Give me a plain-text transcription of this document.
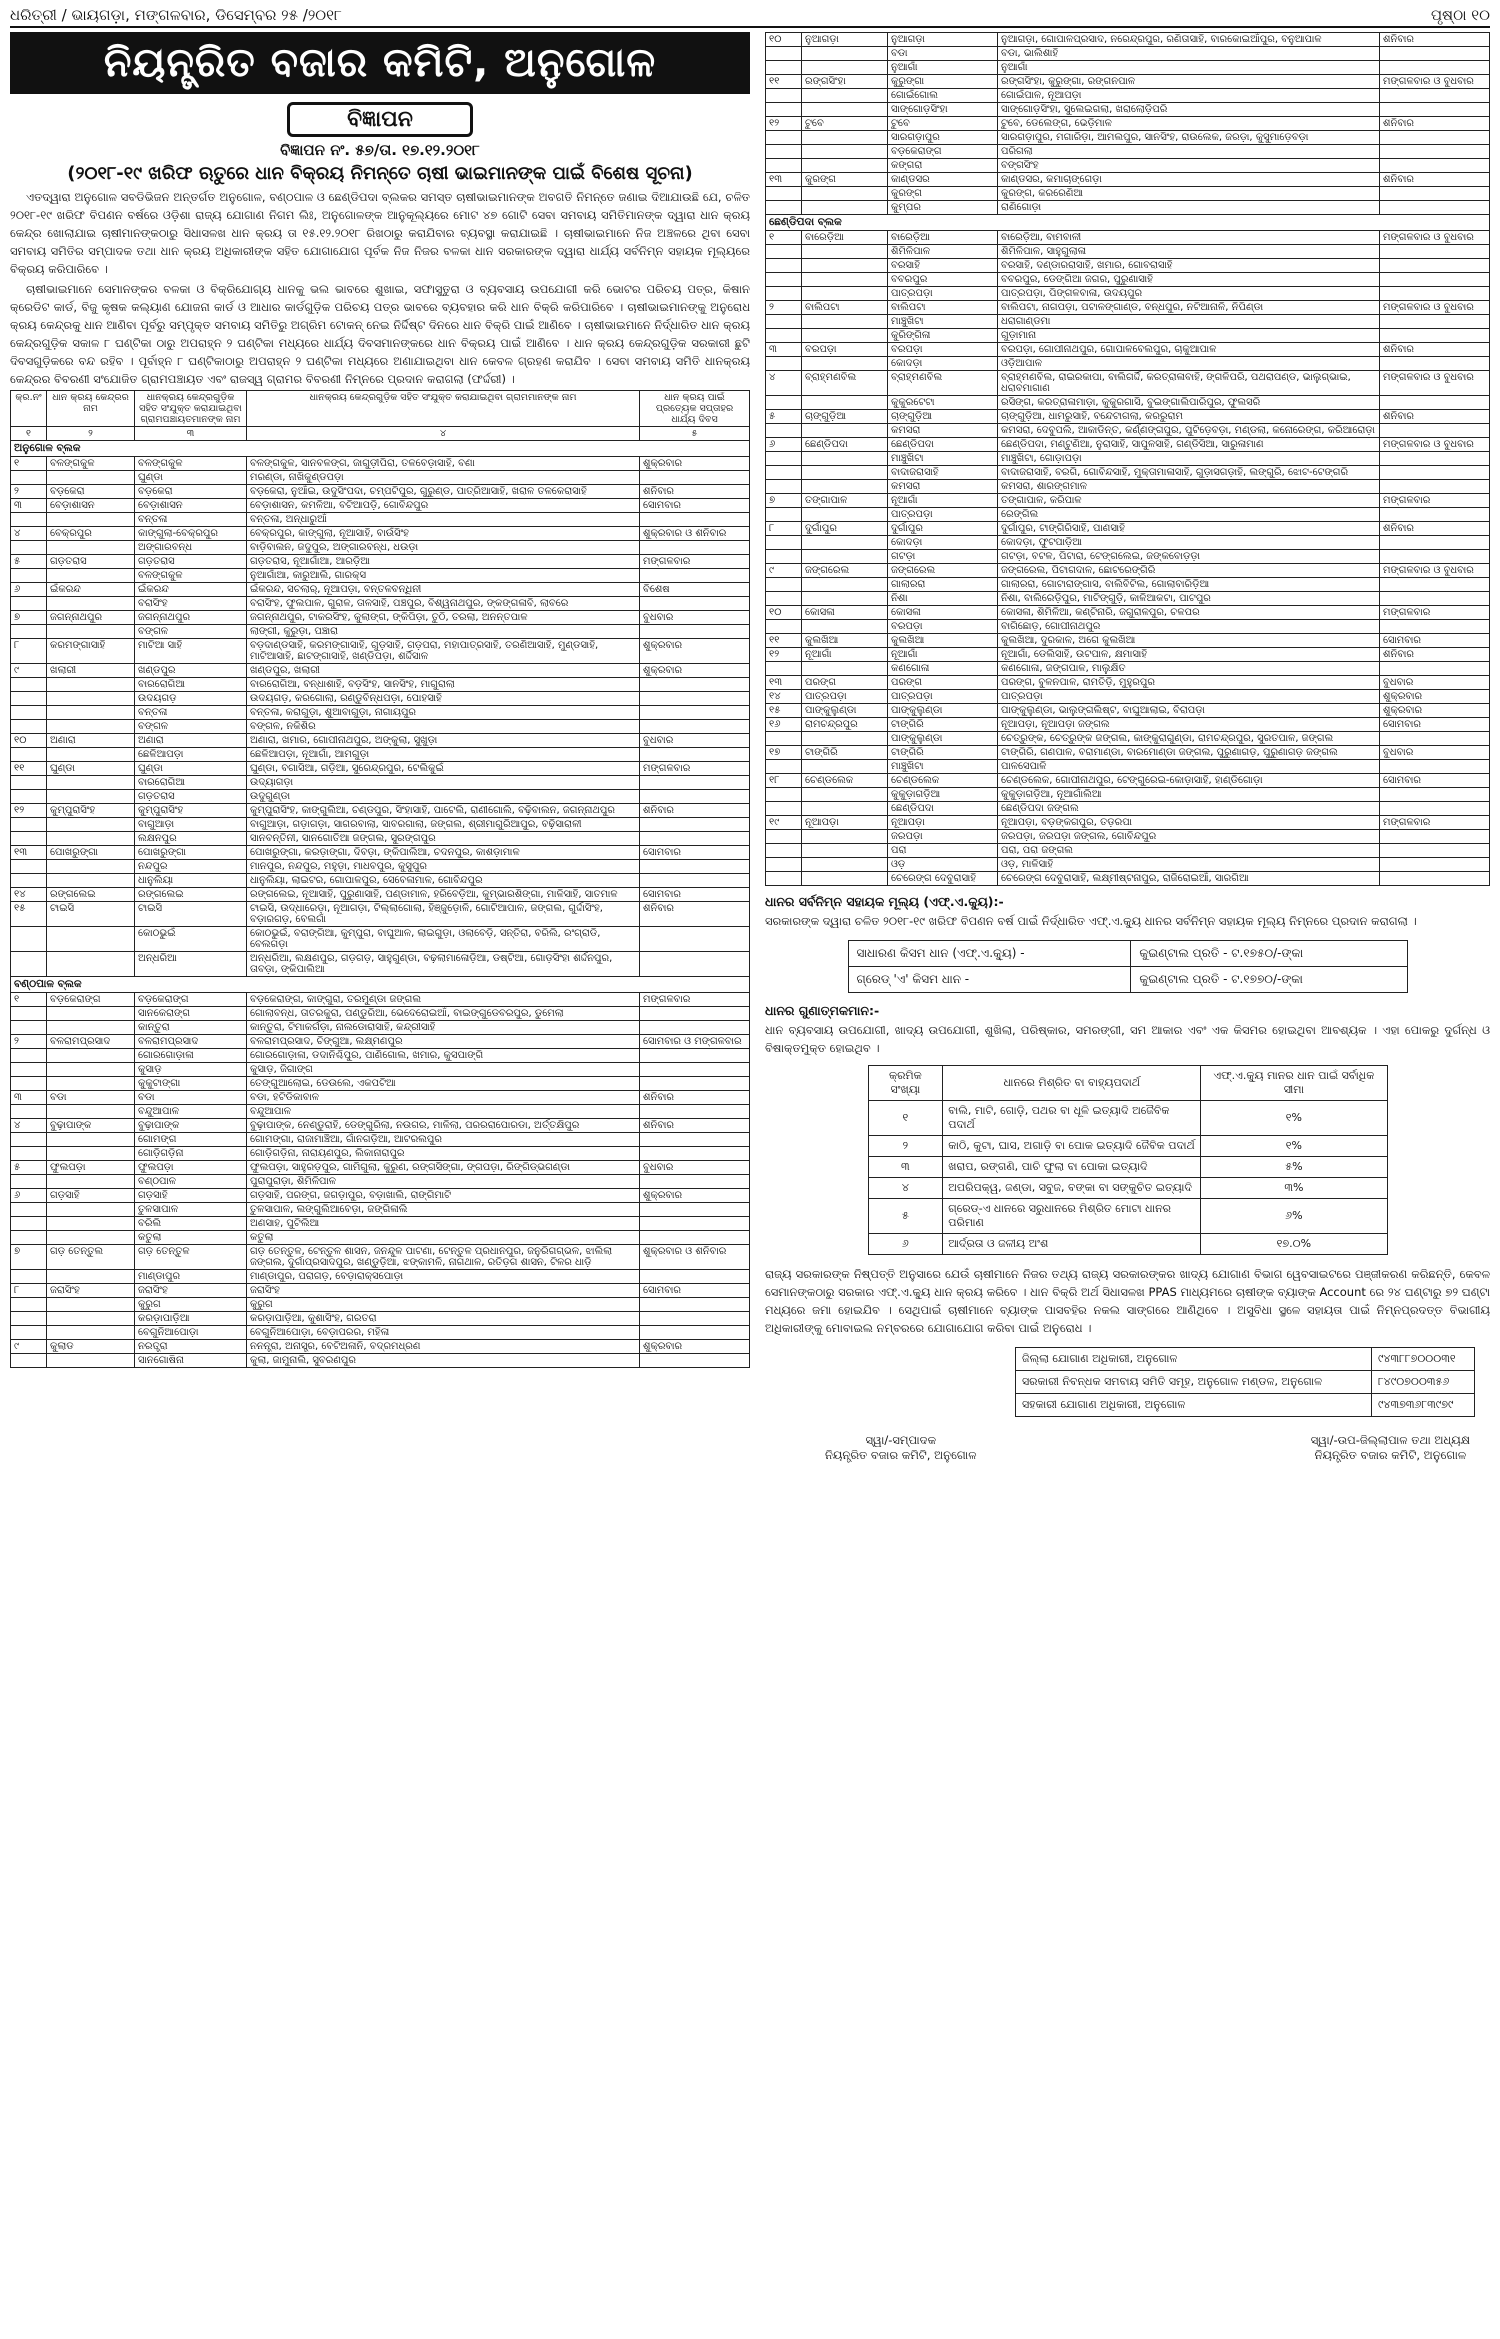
ଧରିତ୍ରୀ / ଭାୟଗଡ଼ା, ମଙ୍ଗଳବାର, ଡିସେମ୍ବର ୨୫ /୨୦୧୮	ପୃଷ୍ଠା ୧୦
ନିୟନ୍ତ୍ରିତ ବଜାର କମିଟି, ଅନୁଗୋଳ
ବିଜ୍ଞାପନ
ବିଜ୍ଞାପନ ନଂ. ୫୭/ତା. ୧୭.୧୨.୨୦୧୮
(୨୦୧୮-୧୯ ଖରିଫ ଋତୁରେ ଧାନ ବିକ୍ରୟ ନିମନ୍ତେ ଚାଷୀ ଭାଇମାନଙ୍କ ପାଇଁ ବିଶେଷ ସୂଚନା)

ଏତଦ୍ୱାରା ଅନୁଗୋଳ ସବଡିଭିଜନ ଅନ୍ତର୍ଗତ ଅନୁଗୋଳ, ବଣ୍ଠପାଳ ଓ ଛେଣ୍ଡିପଦା ବ୍ଲକର ସମସ୍ତ ଚାଷୀଭାଇମାନଙ୍କ ଅବଗତି ନିମନ୍ତେ ଜଣାଇ ଦିଆଯାଉଛି ଯେ, ଚଳିତ ୨୦୧୮-୧୯ ଖରିଫ ବିପଣନ ବର୍ଷରେ ଓଡ଼ିଶା ରାଜ୍ୟ ଯୋଗାଣ ନିଗମ ଲିଃ, ଅନୁଗୋଳଙ୍କ ଆନୁକୂଲ୍ୟରେ ମୋଟ ୪୭ ଗୋଟି ସେବା ସମବାୟ ସମିତିମାନଙ୍କ ଦ୍ୱାରା ଧାନ କ୍ରୟ କେନ୍ଦ୍ର ଖୋଲାଯାଇ ଚାଷୀମାନଙ୍କଠାରୁ ସିଧାସଳଖ ଧାନ କ୍ରୟ ତା ୧୫.୧୨.୨୦୧୮ ରିଖଠାରୁ କରାଯିବାର ବ୍ୟବସ୍ଥା କରାଯାଇଛି । ଚାଷୀଭାଇମାନେ ନିଜ ଅଞ୍ଚଳରେ ଥିବା ସେବା ସମବାୟ ସମିତିର ସମ୍ପାଦକ ତଥା ଧାନ କ୍ରୟ ଅଧିକାରୀଙ୍କ ସହିତ ଯୋଗାଯୋଗ ପୂର୍ବକ ନିଜ ନିଜର ବଳକା ଧାନ ସରକାରଙ୍କ ଦ୍ୱାରା ଧାର୍ଯ୍ୟ ସର୍ବନିମ୍ନ ସହାୟକ ମୂଲ୍ୟରେ ବିକ୍ରୟ କରିପାରିବେ ।

ଚାଷୀଭାଇମାନେ ସେମାନଙ୍କର ବଳକା ଓ ବିକ୍ରିଯୋଗ୍ୟ ଧାନକୁ ଭଲ ଭାବରେ ଶୁଖାଇ, ସଫାସୁତୁରା ଓ ବ୍ୟବସାୟ ଉପଯୋଗୀ କରି ଭୋଟର ପରିଚୟ ପତ୍ର, କିଷାନ କ୍ରେଡିଟ କାର୍ଡ, ବିଜୁ କୃଷକ କଲ୍ୟାଣ ଯୋଜନା କାର୍ଡ ଓ ଆଧାର କାର୍ଡଗୁଡ଼ିକ ପରିଚୟ ପତ୍ର ଭାବରେ ବ୍ୟବହାର କରି ଧାନ ବିକ୍ରି କରିପାରିବେ । ଚାଷୀଭାଇମାନଙ୍କୁ ଅନୁରୋଧ କ୍ରୟ କେନ୍ଦ୍ରକୁ ଧାନ ଆଣିବା ପୂର୍ବରୁ ସମ୍ପୃକ୍ତ ସମବାୟ ସମିତିରୁ ଅଗ୍ରିମ ଟୋକନ୍ ନେଇ ନିର୍ଦ୍ଦିଷ୍ଟ ଦିନରେ ଧାନ ବିକ୍ରି ପାଇଁ ଆଣିବେ । ଚାଷୀଭାଇମାନେ ନିର୍ଦ୍ଧାରିତ ଧାନ କ୍ରୟ କେନ୍ଦ୍ରଗୁଡ଼ିକ ସକାଳ ୮ ଘଣ୍ଟିକା ଠାରୁ ଅପରାହ୍ନ ୨ ଘଣ୍ଟିକା ମଧ୍ୟରେ ଧାର୍ଯ୍ୟ ଦିବସମାନଙ୍କରେ ଧାନ ବିକ୍ରୟ ପାଇଁ ଆଣିବେ । ଧାନ କ୍ରୟ କେନ୍ଦ୍ରଗୁଡ଼ିକ ସରକାରୀ ଛୁଟି ଦିବସଗୁଡ଼ିକରେ ବନ୍ଦ ରହିବ । ପୂର୍ବାହ୍ନ ୮ ଘଣ୍ଟିକାଠାରୁ ଅପରାହ୍ନ ୨ ଘଣ୍ଟିକା ମଧ୍ୟରେ ଅଣାଯାଇଥିବା ଧାନ କେବଳ ଗ୍ରହଣ କରାଯିବ । ସେବା ସମବାୟ ସମିତି ଧାନକ୍ରୟ କେନ୍ଦ୍ରର ବିବରଣୀ ସଂଯୋଜିତ ଗ୍ରାମପଞ୍ଚାୟତ ଏବଂ ରାଜସ୍ୱ ଗ୍ରାମର ବିବରଣୀ ନିମ୍ନରେ ପ୍ରଦାନ କରାଗଲା (ଫର୍ଦ୍ଦରୀ) ।

କ୍ର.ନଂ	ଧାନ କ୍ରୟ କେନ୍ଦ୍ରର ନାମ	ଧାନକ୍ରୟ କେନ୍ଦ୍ରଗୁଡ଼ିକ ସହିତ ସଂଯୁକ୍ତ କରାଯାଇଥିବା ଗ୍ରାମପଞ୍ଚାୟତମାନଙ୍କ ନାମ	ଧାନକ୍ରୟ କେନ୍ଦ୍ରଗୁଡ଼ିକ ସହିତ ସଂଯୁକ୍ତ କରାଯାଇଥିବା ଗ୍ରାମମାନଙ୍କ ନାମ	ଧାନ କ୍ରୟ ପାଇଁ ପ୍ରତ୍ୟେକ ସପ୍ତାହର ଧାର୍ଯ୍ୟ ଦିବସ
୧	୨	୩	୪	୫
ଅନୁଗୋଳ ବ୍ଲକ				
୧	ବଳଙ୍ଗକୁଳ	ବଳଙ୍ଗକୁଳ	ବଳଙ୍ଗକୁଳ, ସାନବଳଙ୍ଗ, ଜାଗୁଡ଼ୀପିରା, ତଳବେଡ଼ାସାହି, ବଣା	ଶୁକ୍ରବାର
		ଘୁଣ୍ଡା	ମରଣ୍ଡା, ନାଖିକୁଣ୍ଡପଡ଼ା	
୨	ବଡ଼କେରା	ବଡ଼କେରା	ବଡ଼କେରା, ନୁଆଁଇ, ଉଦୁସିଂପଦା, ଚମ୍ପଟିପୁର, ଗୁରୁଣ୍ଡ, ପାତ୍ରିଆସାହି, ଖରାଳ ତଳକେରାସାହି	ଶନିବାର
୩	ବେଡ଼ାଶାସନ	ବେଡ଼ାଶାସନ	ବେଡ଼ାଶାସନ, କମଳିଆ, ବଟିଆପଡ଼ି, ଗୋବିନ୍ଦପୁର	ସୋମବାର
		ବନ୍ତଳା	ବନ୍ତଳା, ଅନ୍ଧାରୁଆଁ	
୪	ବେକ୍ରପୁର	କାଙ୍ଗୁଲା-ବେକ୍ରପୁର	ବେକ୍ରପୁର, କାଙ୍ଗୁଲା, ନୂଆସାହି, ବାଉଁସିଂହ	ଶୁକ୍ରବାର ଓ ଶନିବାର
		ଅଙ୍ଗାରବନ୍ଧ	ବାଡ଼ିବାଲନ, ଜଦୁପୁର, ଅଙ୍ଗାରବନ୍ଧ, ଧଉଡ଼ା	
୫	ଗଡ଼ତରାସ	ଗଡ଼ତରାସ	ଗଡ଼ତରାସ, ନୂଆଗାଁଆ, ଆରଡ଼ିଆ	ମଙ୍ଗଳବାର
		ବଳଙ୍ଗକୁଳ	ନୁଆଗାଁଆ, କାରୁଆଲି, ଗାରକ୍ସ	
୬	ଇଁକରନ୍ଦ	ଇଁକରନ୍ଦ	ଇଁକରନ୍ଦ, ସଚଲାର୍, ନୂଆପଡ଼ା, ବନ୍ତଳବନ୍ଧିନୀ	ବିଶେଷ
		ବରାସିଂହ	ବରାସିଂହ, ଫୁଲପାଳ, ଗୁରାଳ, ତାଳସାହି, ପଞ୍ଚପୁର, ବିଶ୍ୱନାଥପୁର, ଙ୍କଙ୍ଗଳାବି, ଲାବରେ	
୭	ଜଗନ୍ନାଥପୁର	ଜଗନ୍ନାଥପୁର	ଜଗନ୍ନାଥପୁର, ଟାକରସିଂହ, କୁଲାଙ୍ଗ, ଙ୍କିପିଡ଼ା, ତୁଠି, ତରଲା, ଅନନ୍ତପାଳ	ବୁଧବାର
		ବଙ୍ଗଳ	ଲାଙ୍ଗୀ, କୁରୁଡ଼ା, ପଞ୍ଚାରା	
୮	କରମଙ୍ଗାସାହି	ମାଟିଆ ସାହି	ବଡ଼ଦାଣ୍ଡସାହି, କରମଙ୍ଗାସାହି, ଗୁଡ଼ସାହି, ଗଡ଼ପରା, ମହାପାତ୍ରସାହି, ତରଣିଆସାହି, ମୁଣ୍ଡସାହି, ମାଟିଆସାହି, ଛାଟଙ୍ଗାସାହି, ଖଣ୍ଡିପଡ଼ା, ଶର୍ଦ୍ଦିସାଳ	ଶୁକ୍ରବାର
୯	ଖଲାରୀ	ଖଣ୍ଡପୁର	ଖଣ୍ଡପୁର, ଖଲାରୀ	ଶୁକ୍ରବାର
		ବାରରୋଗିଆ	ବାରରୋଗିଆ, ବନ୍ଧାଶାହି, ବଡ଼ସିଂହ, ସାନସିଂହ, ମାଗୁରାଲା	
		ଉଦୟଗଡ଼	ଉଦୟଗଡ଼, କରଗୋଲା, ରଣ୍ଡୁବିନ୍ଧପଡ଼ା, ପୋହସାହି	
		ବନ୍ତଳା	ବନ୍ତଳା, କରାଗୁଡ଼ା, ଶୁଆବାଗୁଡ଼ା, ନାଗାୟପୁର	
		ବଙ୍ଗଳ	ବଙ୍ଗଳ, ନକିଶିର	
୧୦	ଅଣାରା	ଅଣାରା	ଅଣାରା, ଖମାର, ଗୋପୀନାଥପୁର, ଅଙ୍କୁଲା, ସୁଖୁଡ଼ା	ବୁଧବାର
		ଛେଳିଆପଡ଼ା	ଛେଳିଆପଡ଼ା, ନୂଆଗାଁ, ଆମଗୁଡ଼ା	
୧୧	ଘୁଣ୍ଡା	ଘୁଣ୍ଡା	ଘୁଣ୍ଡା, ବଗାସିଆ, ଗଡ଼ିଆ, ସୁରେନ୍ଦ୍ରପୁର, ଟେଲିକୁଇଁ	ମଙ୍ଗଳବାର
		ବାରରୋଗିଆ	ଉଦ୍ୟାଗଡ଼ା	
		ଗଡ଼ତରାସ	ଉଦୁଗୁଣ୍ଡା	
୧୨	କୁମ୍ପୁରାସିଂହ	କୁମ୍ପୁରାସିଂହ	କୁମ୍ପୁରାସିଂହ, କାଙ୍ଗୁଲିଆ, ଚଣ୍ଡପୁର, ସିଂହାସାହି, ପାଟେଲି, ରାଣୀଗୋଲି, ବଢ଼ିବାଲନ, ଜଗନ୍ନାଥପୁର	ଶନିବାର
		ବାଗୁଆଡ଼ା	ବାଗୁଆଡ଼ା, ଗଡ଼ାଗଡ଼ା, ସାଗରବାଲା, ସାବରଗାଲା, ଜଙ୍ଗଲ, ଶ୍ରୀମାଗୁରିଆପୁର, ବଢ଼ିସାରାଳୀ	
		ଲକ୍ଷନପୁର	ସାନବନ୍ତିନୀ, ସାନଗୋତିଆ ଜଙ୍ଗଲ, ସୁରଙ୍ଗପୁର	
୧୩	ପୋଖରୁଙ୍ଗା	ପୋଖରୁଙ୍ଗା	ପୋଖରୁଙ୍ଗା, କରଡ଼ାଙ୍ଗା, ଦିବଡ଼ା, ଙ୍କିପାଲିଆ, ଚଦନପୁର, କାଶଡ଼ାମାଳ	ସୋମବାର
		ନନ୍ଦପୁର	ମାନପୁର, ନନ୍ଦପୁର, ମହୁଡ଼ା, ମାଧବପୁର, କୁସୁପୁର	
		ଧାନୁଲିୟା	ଧାନୁଲିୟା, ଲାଇଟର, ଗୋପାଳପୁର, ସେବେଳାମାଳ, ଗୋବିନ୍ଦପୁର	
୧୪	ରଙ୍ଗଲେଇ	ରଙ୍ଗଲେଇ	ରଙ୍ଗଲେଇ, ନୂଆସାହି, ପୁରୁଣାସାହି, ପଣ୍ଡାମାଳ, ହରିବେଡ଼ିଆ, କୁମ୍ଭାରଶିଙ୍ଗା, ମାଳିସାହି, ସାତମାଳ	ସୋମବାର
୧୫	ଟାଇସି	ଟାଇସି	ଟାଇସି, ଉଦ୍ଧାରେଡ଼ା, ନୂଆଗଡ଼ା, ଟିଲ୍ଲାଗୋଲା, ହିଞ୍ଜୁଡ଼ୋଳି, ଗୋଟିଆପାଳ, ଜଙ୍ଗଲ, ଗୁର୍ଦ୍ଦାସିଂହ, ବଡ଼ାରଗଡ଼, ବେଲଗାଁ	ଶନିବାର
		କୋଠଭୁଇଁ	କୋଠଭୁଇଁ, ବରାଙ୍ଗିଆ, କୁମ୍ପୁରା, ବାଘୁଆଳ, ଲାଇଗୁଡ଼ା, ଓଲାବେଡ଼ି, ସନ୍ତିରା, ବରିଲି, ରଂଗ୍ରାଡି, ବେଲଗଡ଼ା	
		ଅନ୍ଧରିଆ	ଅନ୍ଧରିଆ, ଲକ୍ଷଣପୁର, ଗଡ଼ଗଡ଼, ସାହୁଗୁଣ୍ଡା, ବଢ଼ଲାମାଳୋଡ଼ିଆ, ଡଷ୍ଟିଆ, ଗୋଡ଼ସିଂହା ଶର୍ଦ୍ଦନପୁର, ତାବଡ଼ା, ଙ୍କିପାଲିଆ	
ବଣ୍ଠପାଳ ବ୍ଲକ				
୧	ବଡ଼କେରାଙ୍ଗ	ବଡ଼କେରାଙ୍ଗ	ବଡ଼କେରାଙ୍ଗ, କାଙ୍ଗୁରା, ତରମୁଣ୍ଡା ଜଙ୍ଗଲ	ମଙ୍ଗଳବାର
		ସାନକେରାଙ୍ଗ	ଗୋଲାବନ୍ଧ, ତାତରକୁରା, ପଣ୍ଡୁରିଆ, ଭେଦେରୋଇଆଁ, ବାଇଙ୍ଗୁଡେବରପୁର, ଡୁମେଲା	
		କାନ୍ତୁରା	କାନ୍ତୁରା, ଟିମାକର୍ଗଡ଼ା, ନାଲଡୋରାସାହି, କନ୍ଦ୍ରୀସାହି	
୨	ବଳରାମପ୍ରସାଦ	ବଳରାମପ୍ରସାଦ	ବଳରାମପ୍ରସାଦ, ଚିଙ୍ଗୁଆ, ଲକ୍ଷ୍ମଣପୁର	ସୋମବାର ଓ ମଙ୍ଗଳବାର
		ଗୋରଗୋଡ଼ାଳା	ଗୋରଗୋଡ଼ାଳା, ଡଦାନିଶ୍ଚିପୁର, ପାଣିଗୋଲ, ଖମାର, କୁସପାଙ୍ଗି	
		କୁସାଡ଼	କୁସାଡ଼, ଜିଗାଙ୍ଗ	
		କୁକୁଟାଙ୍ଗା	ତେଙ୍ଗୁଆଲୋଇ, ଡେଉଲେ, ଏକପଟିଆ	
୩	ବଡା	ବଡା	ବଡା, ହଟିଡିକାବାଳ	ଶନିବାର
		ବନ୍ଦୁଆପାଳ	ବନ୍ଦୁଆପାଳ	
୪	ବୁଢ଼ାପାଙ୍କ	ବୁଢ଼ାପାଙ୍କ	ବୁଢ଼ାପାଙ୍କ, ନେଣ୍ଡୁରାହି, ଡେଙ୍ଗୁରିଲା, ନଉଗର, ମାଳିଲା, ପରରରାପୋରଡା, ଅର୍ତ୍ତକ୍ଷିପୁର	ଶନିବାର
		ଗୋମଙ୍ଗ	ଗୋମଙ୍ଗା, ରାଜାମାଞ୍ଚିଆ, ଗାଁନଗଡ଼ିଆ, ଆଟରଲପୁର	
		ଗୋଡ଼ିଗଡ଼ିନା	ଗୋଡ଼ିଗଡ଼ିନା, ନାରାୟଣପୁର, ଲିକାନାରାପୁର	
୫	ଫୁଲପଡ଼ା	ଫୁଲପଡ଼ା	ଫୁଲପଡ଼ା, ସାହୁରଡ଼ପୁର, ଗାମିଗୁଲା, କୁରୁଣ, ରଙ୍ଗସିଙ୍ଗା, ଙ୍ଗପଡ଼ା, ରିଙ୍ଗିଡ୍ଭଗଣ୍ଡା	ବୁଧବାର
		ବଣ୍ଠପାଳ	ପୁରାପୁରାଡ଼ା, ଶିମିଳିପାଳ	
୬	ଗଡ଼ସାହି	ଗଡ଼ସାହି	ଗଡ଼ସାହି, ପରଙ୍ଗ, ଜଗଡ଼ାପୁର, ବଡ଼ାଖାଲି, ରାଙ୍ଗିମାଟି	ଶୁକ୍ରବାର
		ତୁଳସାପାଳ	ତୁଳସାପାଳ, ଲଙ୍ଗୁଲିଆବେଡ଼ା, ଜଙ୍ଗିଳାଲି	
		ବରିଲି	ଅଣସାହ, ପୁଟିଲିଆ	
		କତୁଲା	କତୁଲା	
୭	ଗଡ଼ ତେନ୍ତୁଲ	ଗଡ଼ ତେନ୍ତୁଳ	ଗଡ଼ ତେନ୍ତୁଳ, ଟେନ୍ତୁଳ ଶାସନ, ଜନନ୍ଦୁଳ ପାଟଣା, ଟେନ୍ତୁଳ ପ୍ରଧାନପୁର, ଜନୁରିଗଗ୍ଭଳ, ଝାଲିଲା ଜଙ୍ଗଲ, ଦୁର୍ଗାପ୍ରସାଦପୁର, ଖଣ୍ଡୁଡ଼ିଆ, ଝଙ୍କାମଳି, ନାଗଥାଳ, ରତିଡ଼ଗ ଶାସନ, ଟିଳର ଧାଡ଼ି	ଶୁକ୍ରବାର ଓ ଶନିବାର
		ମାଣ୍ଡାପୁର	ମାଣ୍ଡାପୁର, ପରାଗଡ଼, ବେଡ଼ାରାକ୍ସପୋଡ଼ା	
୮	ଜରାସିଂହ	ଜରାସିଂହ	ଜରାସିଂହ	ସୋମବାର
		କୁରୁଗ	କୁରୁଗ	
		କରଡ଼ାପାଡ଼ିଆ	କରଡ଼ାପାଡ଼ିଆ, କୁଶାସିଂହ, ଗରତରା	
		ବେଗୁନିଆପୋଡ଼ା	ବେଗୁନିଆପୋଡ଼ା, ବେଡ଼ାପରର, ମହିଳା	
୯	କୁଲାଡ	ନରତ୍ତ୍ରା	ନନନ୍ତ୍ରା, ଅନାସ୍ତ୍ର, ବେଟିଅଳାନି, ବଦ୍ରମଧ୍ରଣ	ଶୁକ୍ରବାର
		ସାନଗୋଷିନା	କୁଲା, ଜାମୁନାଲି, ସୁବରଣପୁର	
୧୦	ନୁଆଗଡ଼ା	ନୁଆଗଡ଼ା	ନୁଆଗଡ଼ା, ଗୋପାଳପ୍ରସାଦ, ନରେନ୍ଦ୍ରପୁର, ରଣିତାସାହି, ବାରକୋଇଆଁପୁର, ବନୁଆପାଳ	ଶନିବାର
		ବଡା	ବଡା, ଭାଲିଶାହି	
		ନୁଆଗାଁ	ନୁଆଗାଁ	
୧୧	ରଙ୍ଗସିଂହା	କୁରୁଙ୍ଗା	ରଙ୍ଗସିଂହା, କୁରୁଙ୍ଗା, ରଙ୍ଗନପାଳ	ମଙ୍ଗଳବାର ଓ ବୁଧବାର
		ଗୋଇଁଗୋଲ	ଗୋଇଁପାଳ, ନୂଆପଡ଼ା	
		ସାଙ୍ଗୋଡ଼ସିଂହା	ସାଙ୍ଗୋଡ଼ସିଂହା, ସୁଲେଇଗଲା, ଖରାଲୋଡ଼ିପରି	
୧୨	ଟୁବେ	ଟୁବେ	ଟୁବେ, ଡେଲେଙ୍ଗ, ଭେଡ଼ିମାଳ	ଶନିବାର
		ସାରଗଡ଼ାପୁର	ସାରଗଡ଼ାପୁର, ମଗାରିଡ଼ା, ଆମଲପୁର, ସାନସିଂହ, ରାଉଲେକ, ଜରଡ଼ା, କୁସୁମାଡ଼େବଡ଼ା	
		ବଡ଼କେରାଙ୍ଗ	ପରିଗଲା	
		କଙ୍ଗରା	ବଙ୍ଗସିଂହ	
୧୩	କୁରଙ୍ଗ	କାଣ୍ଡସର	କାଣ୍ଡସର, କମାଚାଙ୍ଗେଡ଼ା	ଶନିବାର
		କୁରଙ୍ଗ	କୁରଙ୍ଗ, କରରେଣିଆ	
		କୁମ୍ପର	ରାଣିଗୋଡ଼ା	
ଛେଣ୍ଡିପଦା ବ୍ଲକ				
୧	ବାରେଡ଼ିଆ	ବାରେଡ଼ିଆ	ବାରେଡ଼ିଆ, ବାମବାଳୀ	ମଙ୍ଗଳବାର ଓ ବୁଧବାର
		ଶିମିଳିପାଳ	ଶିମିଳିପାଳ, ସାହୁଗୁଲାଳା	
		ବରସାହି	ବରସାହି, ଦଣ୍ଡାରରାସାହି, ଖମାର, ଗୋବରାସାହି	
		ବବରପୁର	ବବରପୁର, ଡେଙ୍ଗିଆ ଜଗର, ପୁରୁଣାସାହି	
		ପାତ୍ରପଡ଼ା	ପାତ୍ରପଡ଼ା, ପିଙ୍ଗଳବାଳା, ଉଦୟପୁର	
୨	ବାଲିପଟା	ବାଲିପଟା	ବାଲିପଟା, ନାଗପଡ଼ା, ପଟାଳଙ୍ଗାଣ୍ଡ, ବନ୍ଧପୁର, ନଟିଆନାଳି, ନିପିଣ୍ଡା	ମଙ୍ଗଳବାର ଓ ବୁଧବାର
		ମାଞ୍ଚୁଖିଟା	ଧରାଗାଣ୍ଡମା	
		କୁରିଙ୍ଗିଳା	ଗୁଡ଼ାମାନା	
୩	ବରପଡ଼ା	ବରପଡ଼ା	ବରପଡ଼ା, ଗୋପୀନାଥପୁର, ଗୋପାଳବେଲପୁର, ଚାକୁଆପାଳ	ଶନିବାର
		କୋଦଡ଼ା	ଓଡ଼ିଆପାଳ	
୪	ବ୍ରାହ୍ମଣବିଲ	ବ୍ରାହ୍ମଣବିଲ	ବ୍ରାହ୍ମଣବିଲ, ରାଇରକାପା, ବାଲିଗର୍ଦ୍ଦି, କରତ୍ରାଳାବାହି, ଙ୍ଗଳିପରି, ପଥରାପଣ୍ଡ, ଭାଲୁଗ୍ଭାଇ, ଧରାବମାଗାଣ	ମଙ୍ଗଳବାର ଓ ବୁଧବାର
		କୁକୁରଟେଟା	ରସିଙ୍ଗ, କରତ୍ରାଳାମାଡ଼ା, କୁକୁରଗାସି, ବୁଇଙ୍ଗାଲିପାରିପୁର, ଫୁଲସରି	
୫	ଚାଙ୍ଗୁଡ଼ିଆ	ଚାଙ୍ଗୁଡ଼ିଆ	ଚାଙ୍ଗୁଡ଼ିଆ, ଧାମରୁସାହି, ବନ୍ଦେଟାଗଲା, କରରୁରାମ	ଶନିବାର
		କମସରା	କମସରା, ଦେବୁପଲି, ଆକାଡିନ୍ତ, କର୍ଣ୍ଣଙ୍ଗପୁର, ପୁଟିଡ଼େବଡ଼ା, ମଣ୍ଡଲା, କନୋରେଙ୍ଗ, କରିଆରୋଡ଼ା	
୬	ଛେଣ୍ଡିପଦା	ଛେଣ୍ଡିପଦା	ଛେଣ୍ଡିପଦା, ମଣ୍ଟୁଣିଆ, ନୁରାସାହି, ସାପୁଳସାହି, ଗଣ୍ଡିସିଆ, ସାରୁଳାମାଣ	ମଙ୍ଗଳବାର ଓ ବୁଧବାର
		ମାଞ୍ଚୁଖିଟା	ମାଞ୍ଚୁଖିଟା, ଗୋଡ଼ାପଡ଼ା	
		ବାଦାଜରାସାହି	ବାଦାଜରାସାହି, ବରଗି, ଗୋବିନ୍ଦସାହି, ମୁକ୍ତାମାଳାସାହି, ଗୁଡ଼ାସଗଡ଼ାହି, ଲଙ୍ଗୁରି, ଝୋଟ-ଟେଙ୍ଗରି	
		କମସରା	କମସରା, ଶାରଙ୍ଗମାଳ	
୭	ତଙ୍ଗାପାଳ	ନୂଆଗାଁ	ତଙ୍ଗାପାଳ, କରିପାଳ	ମଙ୍ଗଳବାର
		ପାତ୍ରପଡ଼ା	ରେଙ୍ଗିଲ	
୮	ଦୁର୍ଗାପୁର	ଦୁର୍ଗାପୁର	ଦୁର୍ଗାପୁର, ଟାଙ୍ଗିରିସାହି, ପାଣସାହି	ଶନିବାର
		କୋଦଡ଼ା	କୋଦଡ଼ା, ଫୁଟପାଡ଼ିଆ	
		ଗଟଡ଼ା	ଗଟଡ଼ା, ବଟଳ, ପିଟାରା, ଟେଙ୍ଗଲେଇ, ଜଙ୍କବୋଡ଼ଡ଼ା	
୯	ଜଙ୍ଗରେଲ	ଜଙ୍ଗରେଲ	ଜଙ୍ଗରେଲ, ପିଟାଗଦାଳ, ଛୋଟରେଙ୍ଗିରି	ମଙ୍ଗଳବାର ଓ ବୁଧବାର
		ଗାଲାରରା	ଗାଲାରରା, ଗୋଟାରାଙ୍ଗାସ, ବାଲିବିଟିଲ, ଗୋଲାବାରିଡ଼ିଆ	
		ନିଶା	ନିଶା, ବାଲିରେଡ଼ିପୁର, ମାଟିଙ୍ଗୁଡ଼ି, କାଳିଆକଟା, ପାଟପୁର	
୧୦	କୋସଳା	କୋସଳା	କୋସଳା, ଶିମିଳିଆ, କଣ୍ଟିନାରି, ଜଗୁରାଳପୁର, ଚଳପର	ମଙ୍ଗଳବାର
		ବରପଡ଼ା	ବାଗିଛୋଡ଼, ଗୋପୀନାଥପୁର	
୧୧	କୁଲଖିଆ	କୁଲଖିଆ	କୁଲଖିଆ, ଦୁରକାଳ, ଅଗେ କୁଲଖିଆ	ସୋମବାର
୧୨	ନୂଆଗାଁ	ନୂଆଗାଁ	ନୂଆଗାଁ, ଡେଲିସାହି, ଉଟପାଳ, କ୍ଷମାସାହି	ଶନିବାର
		କଣଗୋଳା	କଣଗୋଳା, ଜଙ୍ଗପାଳ, ମାଲୁକ୍ଷିତ	
୧୩	ପରଙ୍ଗ	ପରଙ୍ଗ	ପରଙ୍ଗ, ବୁଳନପାଳ, ରାମତିଡ଼ି, ମୁହୁରପୁର	ବୁଧବାର
୧୪	ପାତ୍ରପଡ଼ା	ପାତ୍ରପଡ଼ା	ପାତ୍ରପଡ଼ା	ଶୁକ୍ରବାର
୧୫	ପାଙ୍କୁଲୁଣ୍ଡା	ପାଙ୍କୁଲୁଣ୍ଡା	ପାଙ୍କୁଲୁଣ୍ଡା, ଭାଲୁଙ୍ଗଲିଷ୍ଟ, ବାଘୁଆଲାଇ, ବିରାପଡ଼ା	ଶୁକ୍ରବାର
୧୬	ରାମଚନ୍ଦ୍ରପୁର	ଟାଙ୍ଗିରି	ନୂଆପଡ଼ା, ନୂଆପଡ଼ା ଜଙ୍ଗଲ	ସୋମବାର
		ପାଙ୍କୁଲୁଣ୍ଡା	ଚେତ୍ରୁଙ୍କ, ଚେତ୍ରୁଙ୍କ ଜଙ୍ଗଲ, କାଙ୍କୁରାଗୁଣ୍ଡା, ରାମଚନ୍ଦ୍ରପୁର, ସୁରତପାଳ, ଜଙ୍ଗଲ	
୧୭	ଟାଙ୍ଗିରି	ଟାଙ୍ଗିରି	ଟାଙ୍ଗିରି, ଗଣପାଳ, ବରାମାଣ୍ଡା, ବାରମୋଣ୍ଡା ଜଙ୍ଗଲ, ପୁରୁଣାଗଡ଼, ପୁରୁଣାଗଡ଼ ଜଙ୍ଗଲ	ବୁଧବାର
		ମାଞ୍ଚୁଖିଟା	ପାଳସେପାଳି	
୧୮	ଚେଣ୍ଡଲେକ	ଚେଣ୍ଡଲେକ	ଚେଣ୍ଡଲେକ, ଗୋପୀନାଥପୁର, ଟେଙ୍ଗୁରେଇ-କୋଡ଼ାସାହି, ହାଣ୍ଡିଗୋଡ଼ା	ସୋମବାର
		କୁକୁଡ଼ାଗଡ଼ିଆ	କୁକୁଡ଼ାଗଡ଼ିଆ, ନୂଆଗାଁଲିଆ	
		ଛେଣ୍ଡିପଦା	ଛେଣ୍ଡିପଦା ଜଙ୍ଗଲ	
୧୯	ନୂଆପଡ଼ା	ନୂଆପଡ଼ା	ନୂଆପଡ଼ା, ବଡ଼ଙ୍କଗପୁର, ତଡ଼ରପା	ମଙ୍ଗଳବାର
		ଜରପଡ଼ା	ଜରପଡ଼ା, ଜରପଡ଼ା ଜଙ୍ଗଲ, ଗୋବିନ୍ଦପୁର	
		ପରା	ପରା, ପରା ଜଙ୍ଗଲ	
		ଓଡ଼	ଓଡ଼, ମାଳିସାହି	
		ଚେରେଙ୍ଗ ଦେବୁରାସାହି	ଚେରେଙ୍ଗ ଦେବୁରାସାହି, ଲକ୍ଷ୍ମୀଷ୍ଟନାପୁର, ରାଜିରୋଇଆଁ, ସାରଗିଆ	
ଧାନର ସର୍ବନିମ୍ନ ସହାୟକ ମୂଲ୍ୟ (ଏଫ୍.ଏ.କ୍ୟୁ):-
ସରକାରଙ୍କ ଦ୍ୱାରା ଚଳିତ ୨୦୧୮-୧୯ ଖରିଫ ବିପଣନ ବର୍ଷ ପାଇଁ ନିର୍ଦ୍ଧାରିତ ଏଫ୍.ଏ.କ୍ୟୁ ଧାନର ସର୍ବନିମ୍ନ ସହାୟକ ମୂଲ୍ୟ ନିମ୍ନରେ ପ୍ରଦାନ କରାଗଲା ।
ସାଧାରଣ କିସମ ଧାନ (ଏଫ୍.ଏ.କ୍ୟୁ) -	କୁଇଣ୍ଟାଲ ପ୍ରତି - ଟ.୧୭୫୦/-ଙ୍କା
ଗ୍ରେଡ୍ 'ଏ' କିସମ ଧାନ -	କୁଇଣ୍ଟାଲ ପ୍ରତି - ଟ.୧୭୭୦/-ଙ୍କା
ଧାନର ଗୁଣାତ୍ମକମାନ:-
ଧାନ ବ୍ୟବସାୟ ଉପଯୋଗୀ, ଖାଦ୍ୟ ଉପଯୋଗୀ, ଶୁଖିଲା, ପରିଷ୍କାର, ସମରଙ୍ଗୀ, ସମ ଆକାର ଏବଂ ଏକ କିସମର ହୋଇଥିବା ଆବଶ୍ୟକ । ଏହା ପୋକରୁ ଦୁର୍ଗନ୍ଧ ଓ ବିଷାକ୍ତମୁକ୍ତ ହୋଇଥିବ ।
କ୍ରମିକ ସଂଖ୍ୟା	ଧାନରେ ମିଶ୍ରିତ ବା ବାହ୍ୟପଦାର୍ଥ	ଏଫ୍.ଏ.କ୍ୟୁ ମାନର ଧାନ ପାଇଁ ସର୍ବାଧିକ ସୀମା
୧	ବାଲି, ମାଟି, ଗୋଡ଼ି, ପଥର ବା ଧୂଳି ଇତ୍ୟାଦି ଅଜୈବିକ ପଦାର୍ଥ	୧%
୨	କାଠି, କୁଟା, ଘାସ, ଅଗାଡ଼ି ବା ପୋକ ଇତ୍ୟାଦି ଜୈବିକ ପଦାର୍ଥ	୧%
୩	ଖରାପ, ରଙ୍ଗଣି, ପାଚି ଫୁଲା ବା ପୋକା ଇତ୍ୟାଦି	୫%
୪	ଅପରିପକ୍ୱ, ଜଣ୍ଡା, ସବୁଜ, ବଙ୍କା ବା ସଙ୍କୁଚିତ ଇତ୍ୟାଦି	୩%
୫	ଗ୍ରେଡ୍-ଏ ଧାନରେ ସରୁଧାନରେ ମିଶ୍ରିତ ମୋଟା ଧାନର ପରିମାଣ	୬%
୬	ଆର୍ଦ୍ରତା ଓ ଜଳୀୟ ଅଂଶ	୧୭.୦%
ରାଜ୍ୟ ସରକାରଙ୍କ ନିଷ୍ପତ୍ତି ଅନୁସାରେ ଯେଉଁ ଚାଷୀମାନେ ନିଜର ତଥ୍ୟ ରାଜ୍ୟ ସରକାରଙ୍କର ଖାଦ୍ୟ ଯୋଗାଣ ବିଭାଗ ୱେବସାଇଟରେ ପଞ୍ଜୀକରଣ କରିଛନ୍ତି, କେବଳ ସେମାନଙ୍କଠାରୁ ସରକାର ଏଫ୍.ଏ.କ୍ୟୁ ଧାନ କ୍ରୟ କରିବେ । ଧାନ ବିକ୍ରି ଅର୍ଥ ସିଧାସଳଖ PPAS ମାଧ୍ୟମରେ ଚାଷୀଙ୍କ ବ୍ୟାଙ୍କ Account ରେ ୨୪ ଘଣ୍ଟାରୁ ୭୨ ଘଣ୍ଟା ମଧ୍ୟରେ ଜମା ହୋଇଯିବ । ସେଥିପାଇଁ ଚାଷୀମାନେ ବ୍ୟାଙ୍କ ପାସବହିର ନକଲ ସାଙ୍ଗରେ ଆଣିଥିବେ । ଅସୁବିଧା ସ୍ଥଳେ ସହାୟତା ପାଇଁ ନିମ୍ନପ୍ରଦତ୍ତ ବିଭାଗୀୟ ଅଧିକାରୀଙ୍କୁ ମୋବାଇଲ ନମ୍ବରରେ ଯୋଗାଯୋଗ କରିବା ପାଇଁ ଅନୁରୋଧ ।
ଜିଲ୍ଲା ଯୋଗାଣ ଅଧିକାରୀ, ଅନୁଗୋଳ	୯୪୩୮୮୭୦୦୦୩୧
ସରକାରୀ ନିବନ୍ଧକ ସମବାୟ ସମିତି ସମୂହ, ଅନୁଗୋଳ ମଣ୍ଡଳ, ଅନୁଗୋଳ	୮୪୯୦୭୦୦୩୫୬
ସହକାରୀ ଯୋଗାଣ ଅଧିକାରୀ, ଅନୁଗୋଳ	୯୪୩୭୩୬୮୩୯୭୯
ସ୍ୱା/-ସମ୍ପାଦକ
ନିୟନ୍ତ୍ରିତ ବଜାର କମିଟି, ଅନୁଗୋଳ
ସ୍ୱା/-ଉପ-ଜିଲ୍ଲାପାଳ ତଥା ଅଧ୍ୟକ୍ଷ
ନିୟନ୍ତ୍ରିତ ବଜାର କମିଟି, ଅନୁଗୋଳ
